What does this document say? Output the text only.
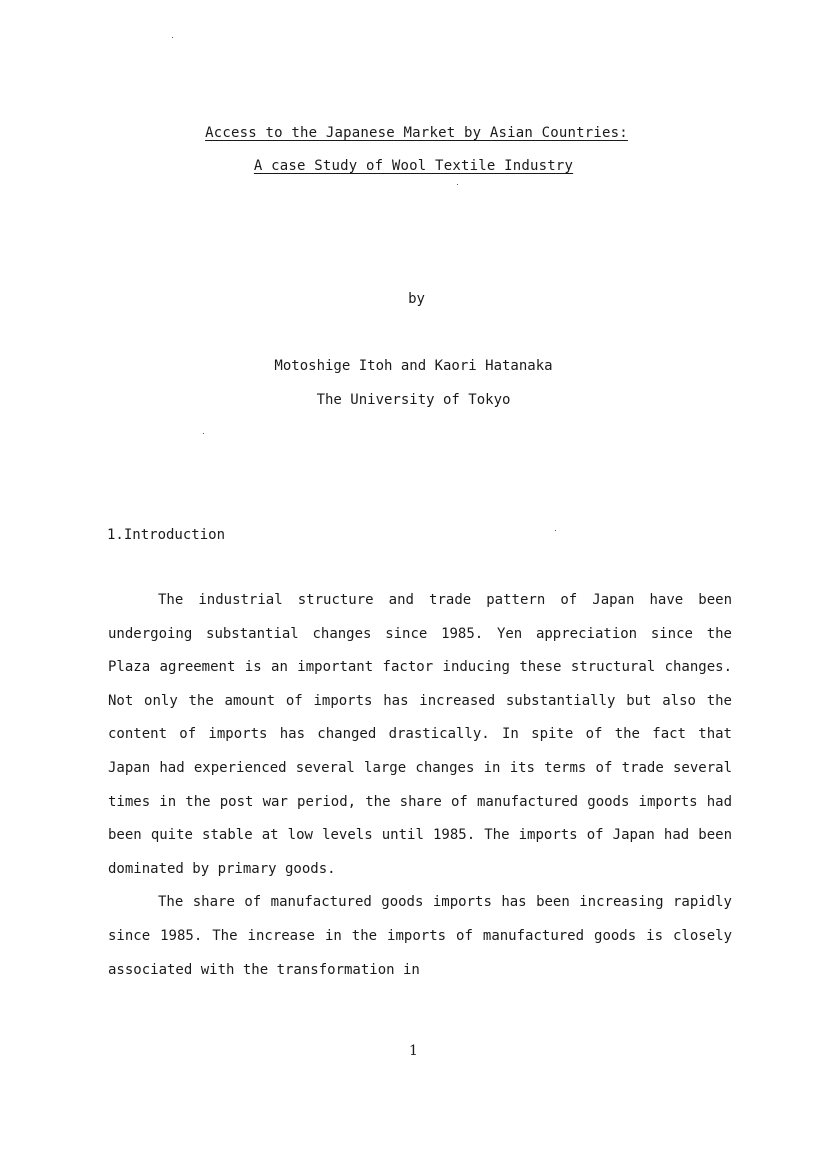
Access to the Japanese Market by Asian Countries:
A case Study of Wool Textile Industry
by
Motoshige Itoh and Kaori Hatanaka
The University of Tokyo
1.Introduction

The industrial structure and trade pattern of Japan have been undergoing substantial changes since 1985. Yen appreciation since the Plaza agreement is an important factor inducing these structural changes. Not only the amount of imports has increased substantially but also the content of imports has changed drastically. In spite of the fact that Japan had experienced several large changes in its terms of trade several times in the post war period, the share of manufactured goods imports had been quite stable at low levels until 1985. The imports of Japan had been dominated by primary goods.

The share of manufactured goods imports has been increasing rapidly since 1985. The increase in the imports of manufactured goods is closely associated with the transformation in

1
